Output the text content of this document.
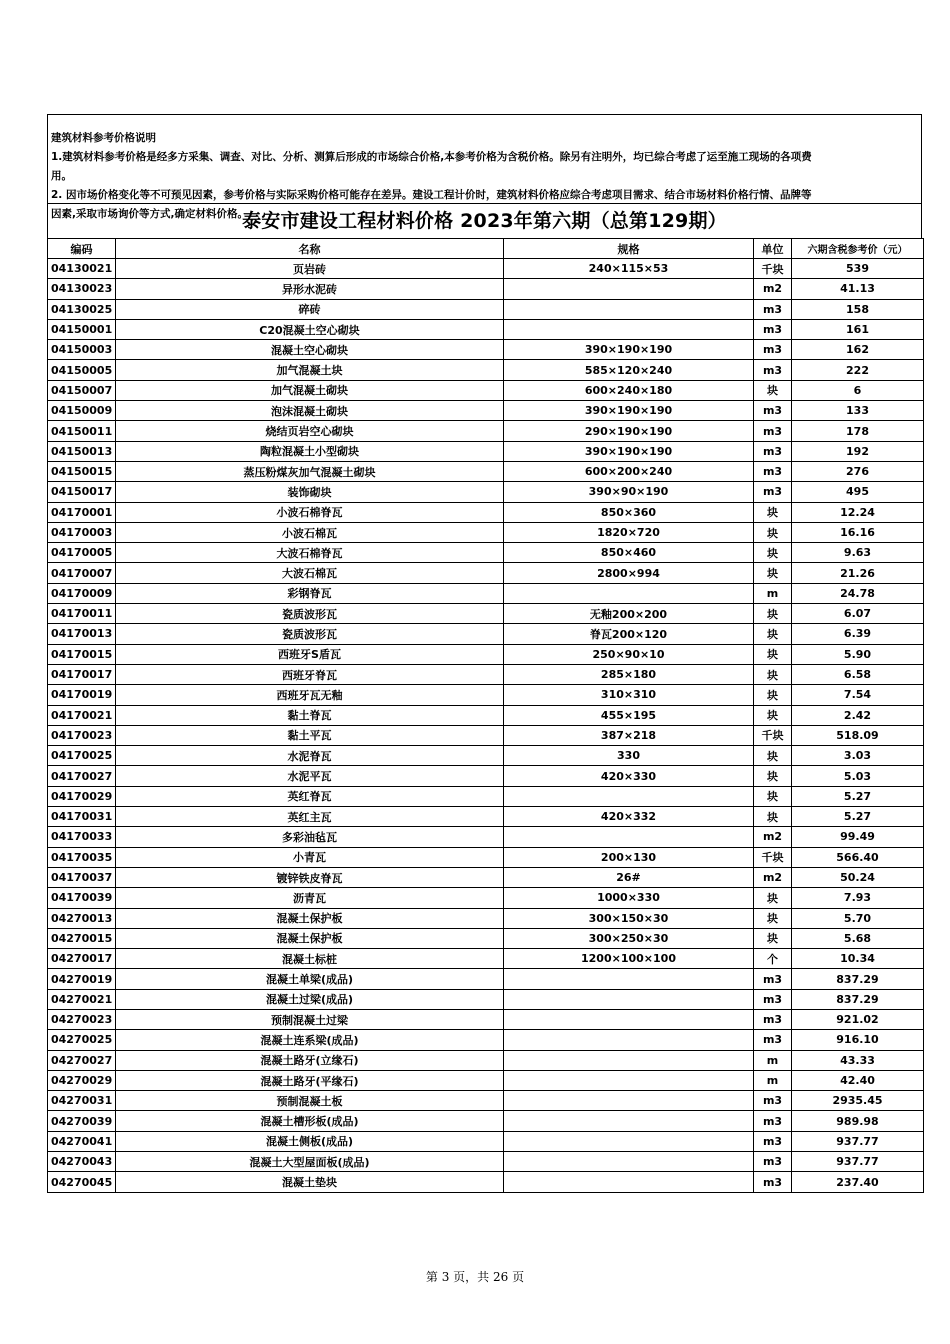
建筑材料参考价格说明
1.建筑材料参考价格是经多方采集、调查、对比、分析、测算后形成的市场综合价格,本参考价格为含税价格。除另有注明外，均已综合考虑了运至施工现场的各项费
用。
2. 因市场价格变化等不可预见因素，参考价格与实际采购价格可能存在差异。建设工程计价时，建筑材料价格应综合考虑项目需求、结合市场材料价格行情、品牌等
因素,采取市场询价等方式,确定材料价格。
泰安市建设工程材料价格 2023年第六期（总第129期）
编码	名称	规格	单位	六期含税参考价（元）
04130021	页岩砖	240×115×53	千块	539
04130023	异形水泥砖		m2	41.13
04130025	碎砖		m3	158
04150001	C20混凝土空心砌块		m3	161
04150003	混凝土空心砌块	390×190×190	m3	162
04150005	加气混凝土块	585×120×240	m3	222
04150007	加气混凝土砌块	600×240×180	块	6
04150009	泡沫混凝土砌块	390×190×190	m3	133
04150011	烧结页岩空心砌块	290×190×190	m3	178
04150013	陶粒混凝土小型砌块	390×190×190	m3	192
04150015	蒸压粉煤灰加气混凝土砌块	600×200×240	m3	276
04150017	装饰砌块	390×90×190	m3	495
04170001	小波石棉脊瓦	850×360	块	12.24
04170003	小波石棉瓦	1820×720	块	16.16
04170005	大波石棉脊瓦	850×460	块	9.63
04170007	大波石棉瓦	2800×994	块	21.26
04170009	彩钢脊瓦		m	24.78
04170011	瓷质波形瓦	无釉200×200	块	6.07
04170013	瓷质波形瓦	脊瓦200×120	块	6.39
04170015	西班牙S盾瓦	250×90×10	块	5.90
04170017	西班牙脊瓦	285×180	块	6.58
04170019	西班牙瓦无釉	310×310	块	7.54
04170021	黏土脊瓦	455×195	块	2.42
04170023	黏土平瓦	387×218	千块	518.09
04170025	水泥脊瓦	330	块	3.03
04170027	水泥平瓦	420×330	块	5.03
04170029	英红脊瓦		块	5.27
04170031	英红主瓦	420×332	块	5.27
04170033	多彩油毡瓦		m2	99.49
04170035	小青瓦	200×130	千块	566.40
04170037	镀锌铁皮脊瓦	26#	m2	50.24
04170039	沥青瓦	1000×330	块	7.93
04270013	混凝土保护板	300×150×30	块	5.70
04270015	混凝土保护板	300×250×30	块	5.68
04270017	混凝土标桩	1200×100×100	个	10.34
04270019	混凝土单梁(成品)		m3	837.29
04270021	混凝土过梁(成品)		m3	837.29
04270023	预制混凝土过梁		m3	921.02
04270025	混凝土连系梁(成品)		m3	916.10
04270027	混凝土路牙(立缘石)		m	43.33
04270029	混凝土路牙(平缘石)		m	42.40
04270031	预制混凝土板		m3	2935.45
04270039	混凝土槽形板(成品)		m3	989.98
04270041	混凝土侧板(成品)		m3	937.77
04270043	混凝土大型屋面板(成品)		m3	937.77
04270045	混凝土垫块		m3	237.40
第 3 页，共 26 页
